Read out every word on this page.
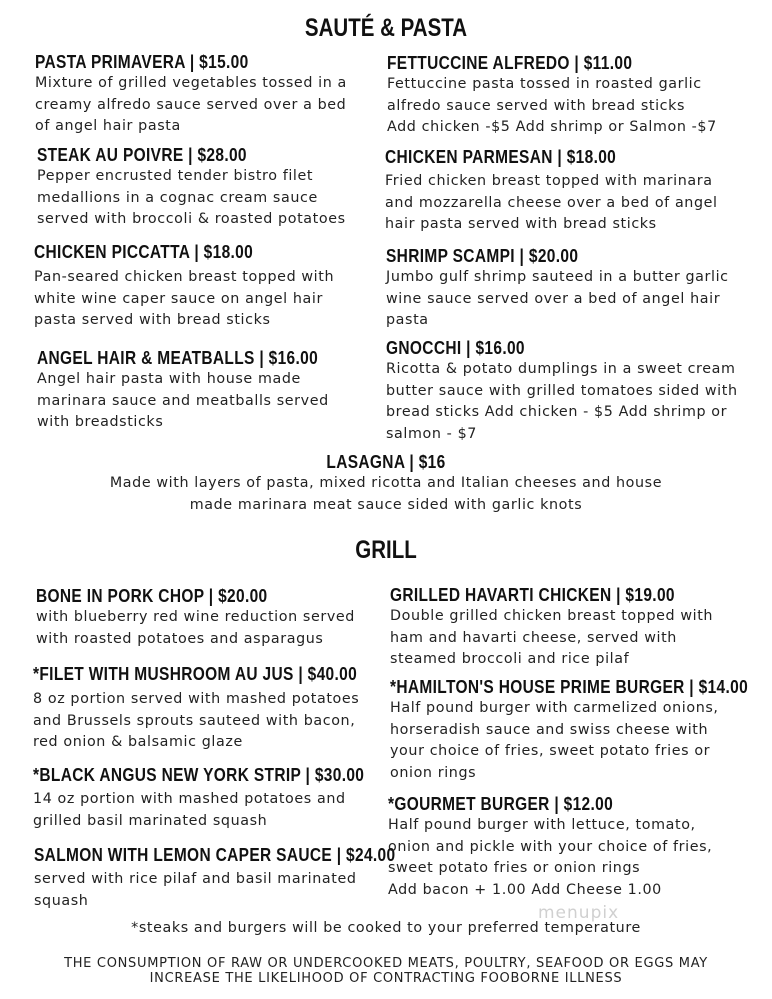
SAUTÉ & PASTA
PASTA PRIMAVERA | $15.00
Mixture of grilled vegetables tossed in a
creamy alfredo sauce served over a bed
of angel hair pasta
STEAK AU POIVRE | $28.00
Pepper encrusted tender bistro filet
medallions in a cognac cream sauce
served with broccoli & roasted potatoes
CHICKEN PICCATTA | $18.00
Pan-seared chicken breast topped with
white wine caper sauce on angel hair
pasta served with bread sticks
ANGEL HAIR & MEATBALLS | $16.00
Angel hair pasta with house made
marinara sauce and meatballs served
with breadsticks
FETTUCCINE ALFREDO | $11.00
Fettuccine pasta tossed in roasted garlic
alfredo sauce served with bread sticks
Add chicken -$5 Add shrimp or Salmon -$7
CHICKEN PARMESAN | $18.00
Fried chicken breast topped with marinara
and mozzarella cheese over a bed of angel
hair pasta served with bread sticks
SHRIMP SCAMPI | $20.00
Jumbo gulf shrimp sauteed in a butter garlic
wine sauce served over a bed of angel hair
pasta
GNOCCHI | $16.00
Ricotta & potato dumplings in a sweet cream
butter sauce with grilled tomatoes sided with
bread sticks Add chicken - $5 Add shrimp or
salmon - $7
LASAGNA | $16
Made with layers of pasta, mixed ricotta and Italian cheeses and house
made marinara meat sauce sided with garlic knots
GRILL
BONE IN PORK CHOP | $20.00
with blueberry red wine reduction served
with roasted potatoes and asparagus
*FILET WITH MUSHROOM AU JUS | $40.00
8 oz portion served with mashed potatoes
and Brussels sprouts sauteed with bacon,
red onion & balsamic glaze
*BLACK ANGUS NEW YORK STRIP | $30.00
14 oz portion with mashed potatoes and
grilled basil marinated squash
SALMON WITH LEMON CAPER SAUCE | $24.00
served with rice pilaf and basil marinated
squash
GRILLED HAVARTI CHICKEN | $19.00
Double grilled chicken breast topped with
ham and havarti cheese, served with
steamed broccoli and rice pilaf
*HAMILTON'S HOUSE PRIME BURGER | $14.00
Half pound burger with carmelized onions,
horseradish sauce and swiss cheese with
your choice of fries, sweet potato fries or
onion rings
*GOURMET BURGER | $12.00
Half pound burger with lettuce, tomato,
onion and pickle with your choice of fries,
sweet potato fries or onion rings
Add bacon + 1.00 Add Cheese 1.00
menupix
*steaks and burgers will be cooked to your preferred temperature
THE CONSUMPTION OF RAW OR UNDERCOOKED MEATS, POULTRY, SEAFOOD OR EGGS MAY
INCREASE THE LIKELIHOOD OF CONTRACTING FOOBORNE ILLNESS
